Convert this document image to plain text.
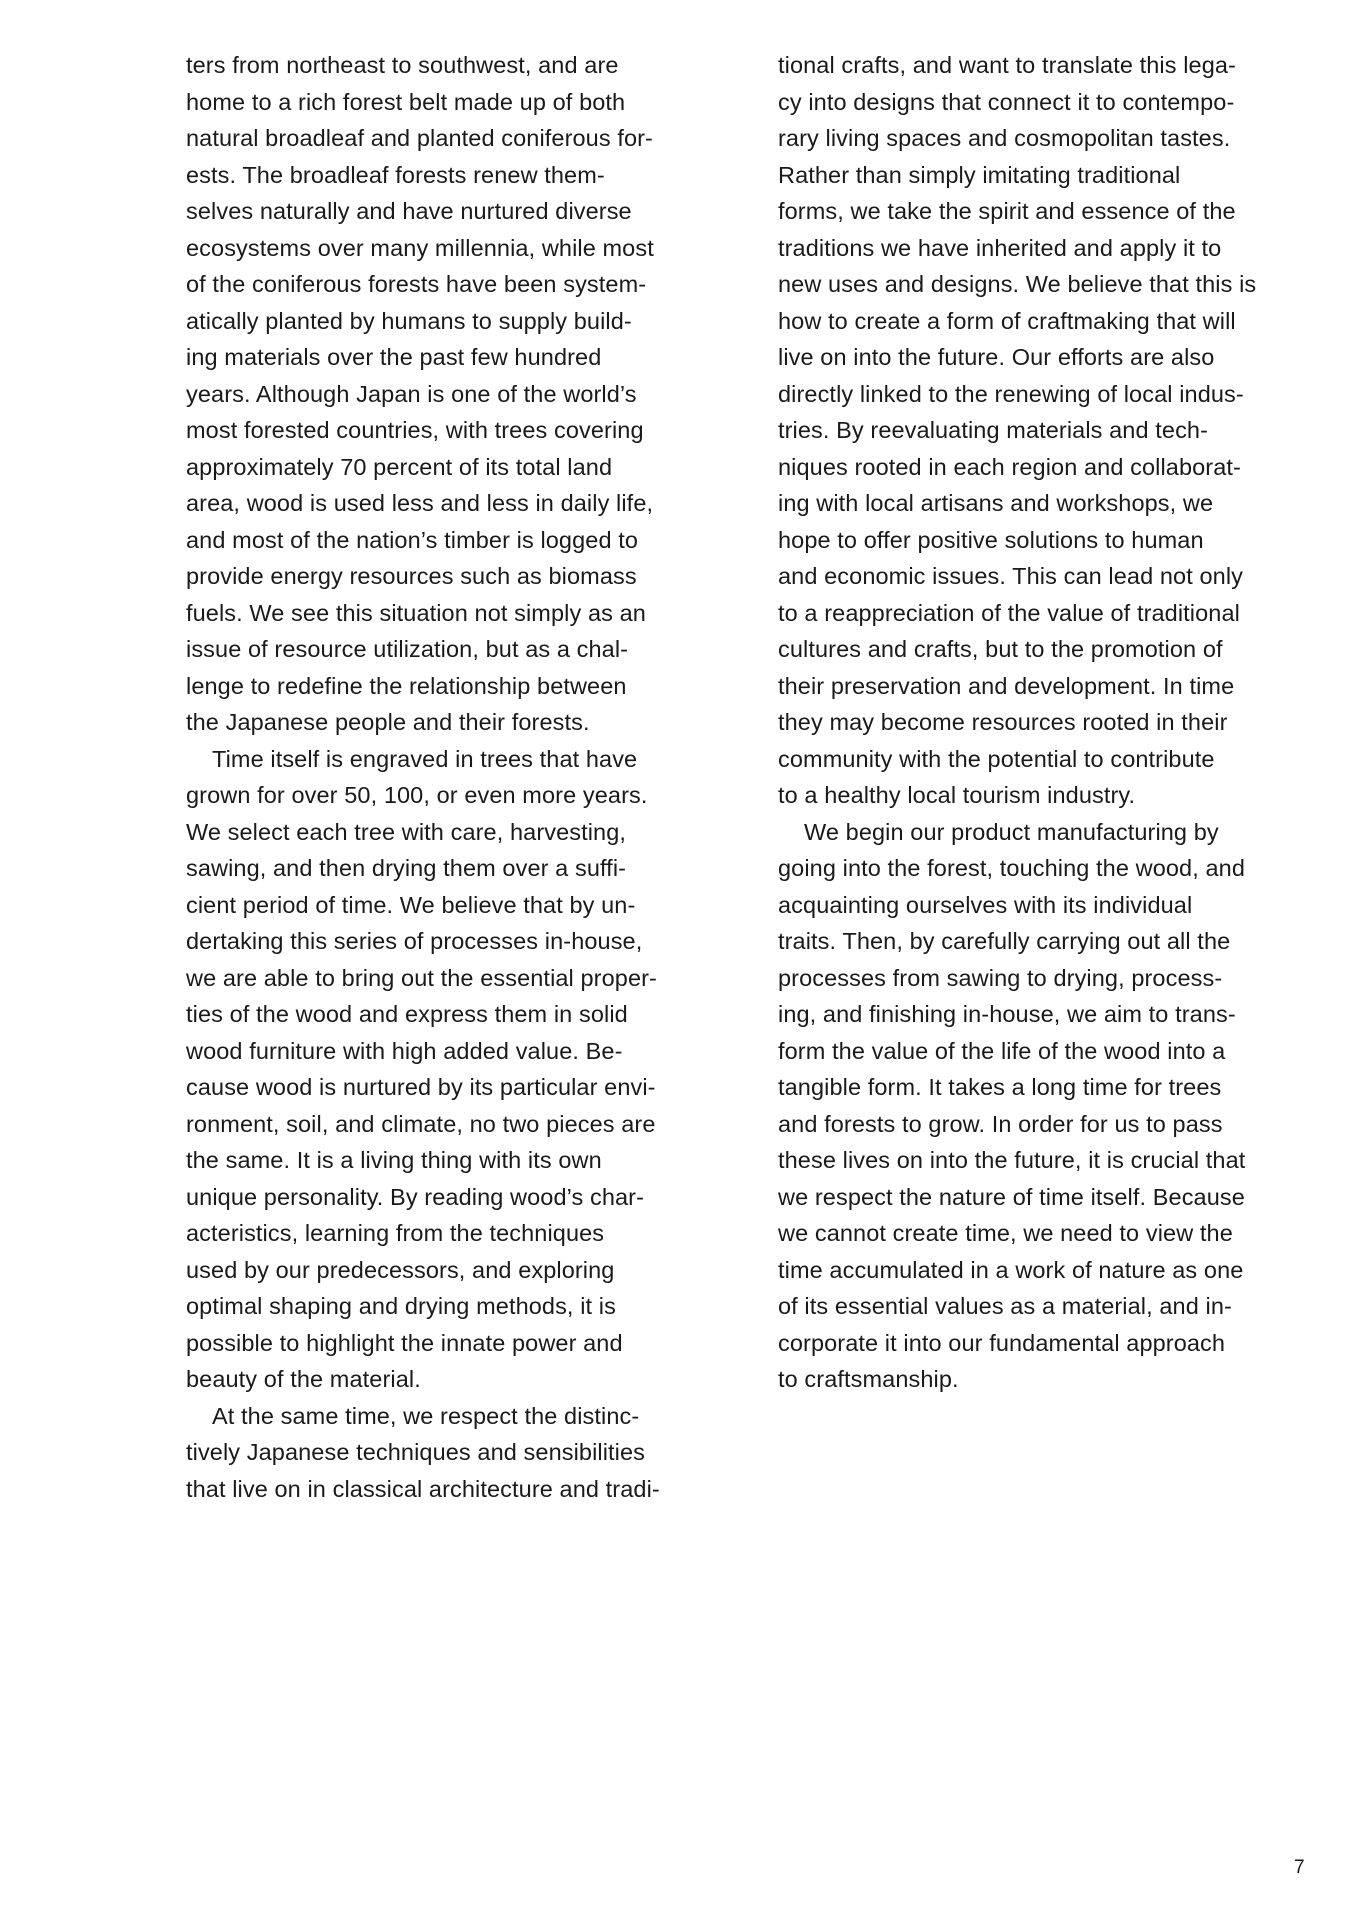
ters from northeast to southwest, and are
home to a rich forest belt made up of both
natural broadleaf and planted coniferous for-
ests. The broadleaf forests renew them-
selves naturally and have nurtured diverse
ecosystems over many millennia, while most
of the coniferous forests have been system-
atically planted by humans to supply build-
ing materials over the past few hundred
years. Although Japan is one of the world’s
most forested countries, with trees covering
approximately 70 percent of its total land
area, wood is used less and less in daily life,
and most of the nation’s timber is logged to
provide energy resources such as biomass
fuels. We see this situation not simply as an
issue of resource utilization, but as a chal-
lenge to redefine the relationship between
the Japanese people and their forests.
Time itself is engraved in trees that have
grown for over 50, 100, or even more years.
We select each tree with care, harvesting,
sawing, and then drying them over a suffi-
cient period of time. We believe that by un-
dertaking this series of processes in-house,
we are able to bring out the essential proper-
ties of the wood and express them in solid
wood furniture with high added value. Be-
cause wood is nurtured by its particular envi-
ronment, soil, and climate, no two pieces are
the same. It is a living thing with its own
unique personality. By reading wood’s char-
acteristics, learning from the techniques
used by our predecessors, and exploring
optimal shaping and drying methods, it is
possible to highlight the innate power and
beauty of the material.
At the same time, we respect the distinc-
tively Japanese techniques and sensibilities
that live on in classical architecture and tradi-
tional crafts, and want to translate this lega-
cy into designs that connect it to contempo-
rary living spaces and cosmopolitan tastes.
Rather than simply imitating traditional
forms, we take the spirit and essence of the
traditions we have inherited and apply it to
new uses and designs. We believe that this is
how to create a form of craftmaking that will
live on into the future. Our efforts are also
directly linked to the renewing of local indus-
tries. By reevaluating materials and tech-
niques rooted in each region and collaborat-
ing with local artisans and workshops, we
hope to offer positive solutions to human
and economic issues. This can lead not only
to a reappreciation of the value of traditional
cultures and crafts, but to the promotion of
their preservation and development. In time
they may become resources rooted in their
community with the potential to contribute
to a healthy local tourism industry.
We begin our product manufacturing by
going into the forest, touching the wood, and
acquainting ourselves with its individual
traits. Then, by carefully carrying out all the
processes from sawing to drying, process-
ing, and finishing in-house, we aim to trans-
form the value of the life of the wood into a
tangible form. It takes a long time for trees
and forests to grow. In order for us to pass
these lives on into the future, it is crucial that
we respect the nature of time itself. Because
we cannot create time, we need to view the
time accumulated in a work of nature as one
of its essential values as a material, and in-
corporate it into our fundamental approach
to craftsmanship.
7
